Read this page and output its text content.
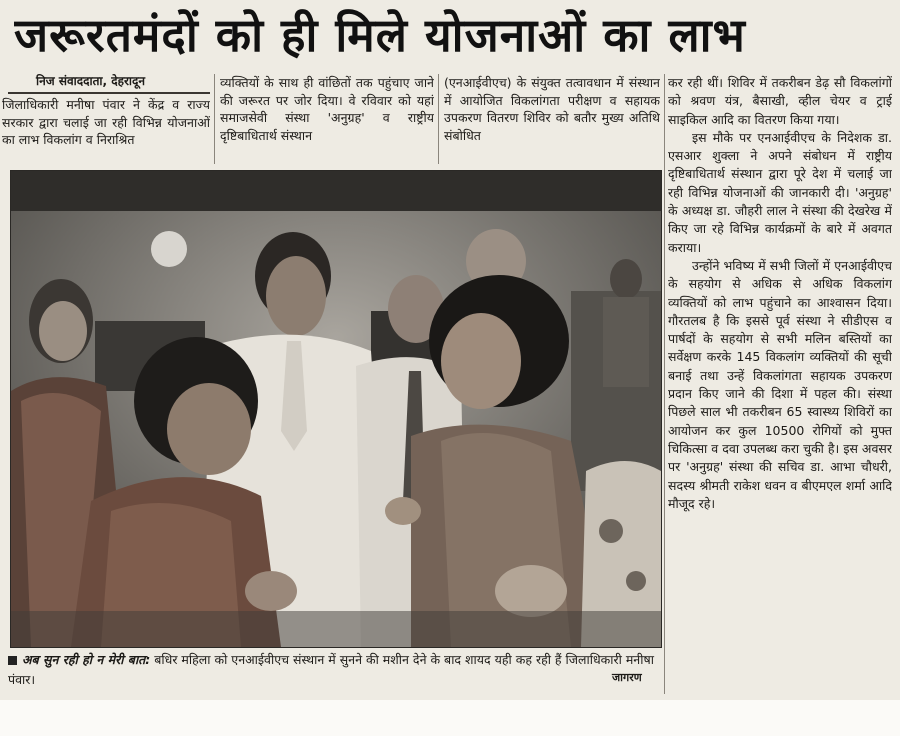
जरूरतमंदों को ही मिले योजनाओं का लाभ
निज संवाददाता, देहरादून
जिलाधिकारी मनीषा पंवार ने केंद्र व राज्य सरकार द्वारा चलाई जा रही विभिन्न योजनाओं का लाभ विकलांग व निराश्रित
व्यक्तियों के साथ ही वांछितों तक पहुंचाए जाने की जरूरत पर जोर दिया। वे रविवार को यहां समाजसेवी संस्था 'अनुग्रह' व राष्ट्रीय दृष्टिबाधितार्थ संस्थान
(एनआईवीएच) के संयुक्त तत्वावधान में संस्थान में आयोजित विकलांगता परीक्षण व सहायक उपकरण वितरण शिविर को बतौर मुख्य अतिथि संबोधित

कर रही थीं। शिविर में तकरीबन डेढ़ सौ विकलांगों को श्रवण यंत्र, बैसाखी, व्हील चेयर व ट्राई साइकिल आदि का वितरण किया गया।

इस मौके पर एनआईवीएच के निदेशक डा. एसआर शुक्ला ने अपने संबोधन में राष्ट्रीय दृष्टिबाधितार्थ संस्थान द्वारा पूरे देश में चलाई जा रही विभिन्न योजनाओं की जानकारी दी। 'अनुग्रह' के अध्यक्ष डा. जौहरी लाल ने संस्था की देखरेख में किए जा रहे विभिन्न कार्यक्रमों के बारे में अवगत कराया।

उन्होंने भविष्य में सभी जिलों में एनआईवीएच के सहयोग से अधिक से अधिक विकलांग व्यक्तियों को लाभ पहुंचाने का आश्वासन दिया। गौरतलब है कि इससे पूर्व संस्था ने सीडीएस व पार्षदों के सहयोग से सभी मलिन बस्तियों का सर्वेक्षण करके 145 विकलांग व्यक्तियों की सूची बनाई तथा उन्हें विकलांगता सहायक उपकरण प्रदान किए जाने की दिशा में पहल की। संस्था पिछले साल भी तकरीबन 65 स्वास्थ्य शिविरों का आयोजन कर कुल 10500 रोगियों को मुफ्त चिकित्सा व दवा उपलब्ध करा चुकी है। इस अवसर पर 'अनुग्रह' संस्था की सचिव डा. आभा चौधरी, सदस्य श्रीमती राकेश धवन व बीएमएल शर्मा आदि मौजूद रहे।

अब सुन रही हो न मेरी बात: बधिर महिला को एनआईवीएच संस्थान में सुनने की मशीन देने के बाद शायद यही कह रही हैं जिलाधिकारी मनीषा पंवार।	जागरण
